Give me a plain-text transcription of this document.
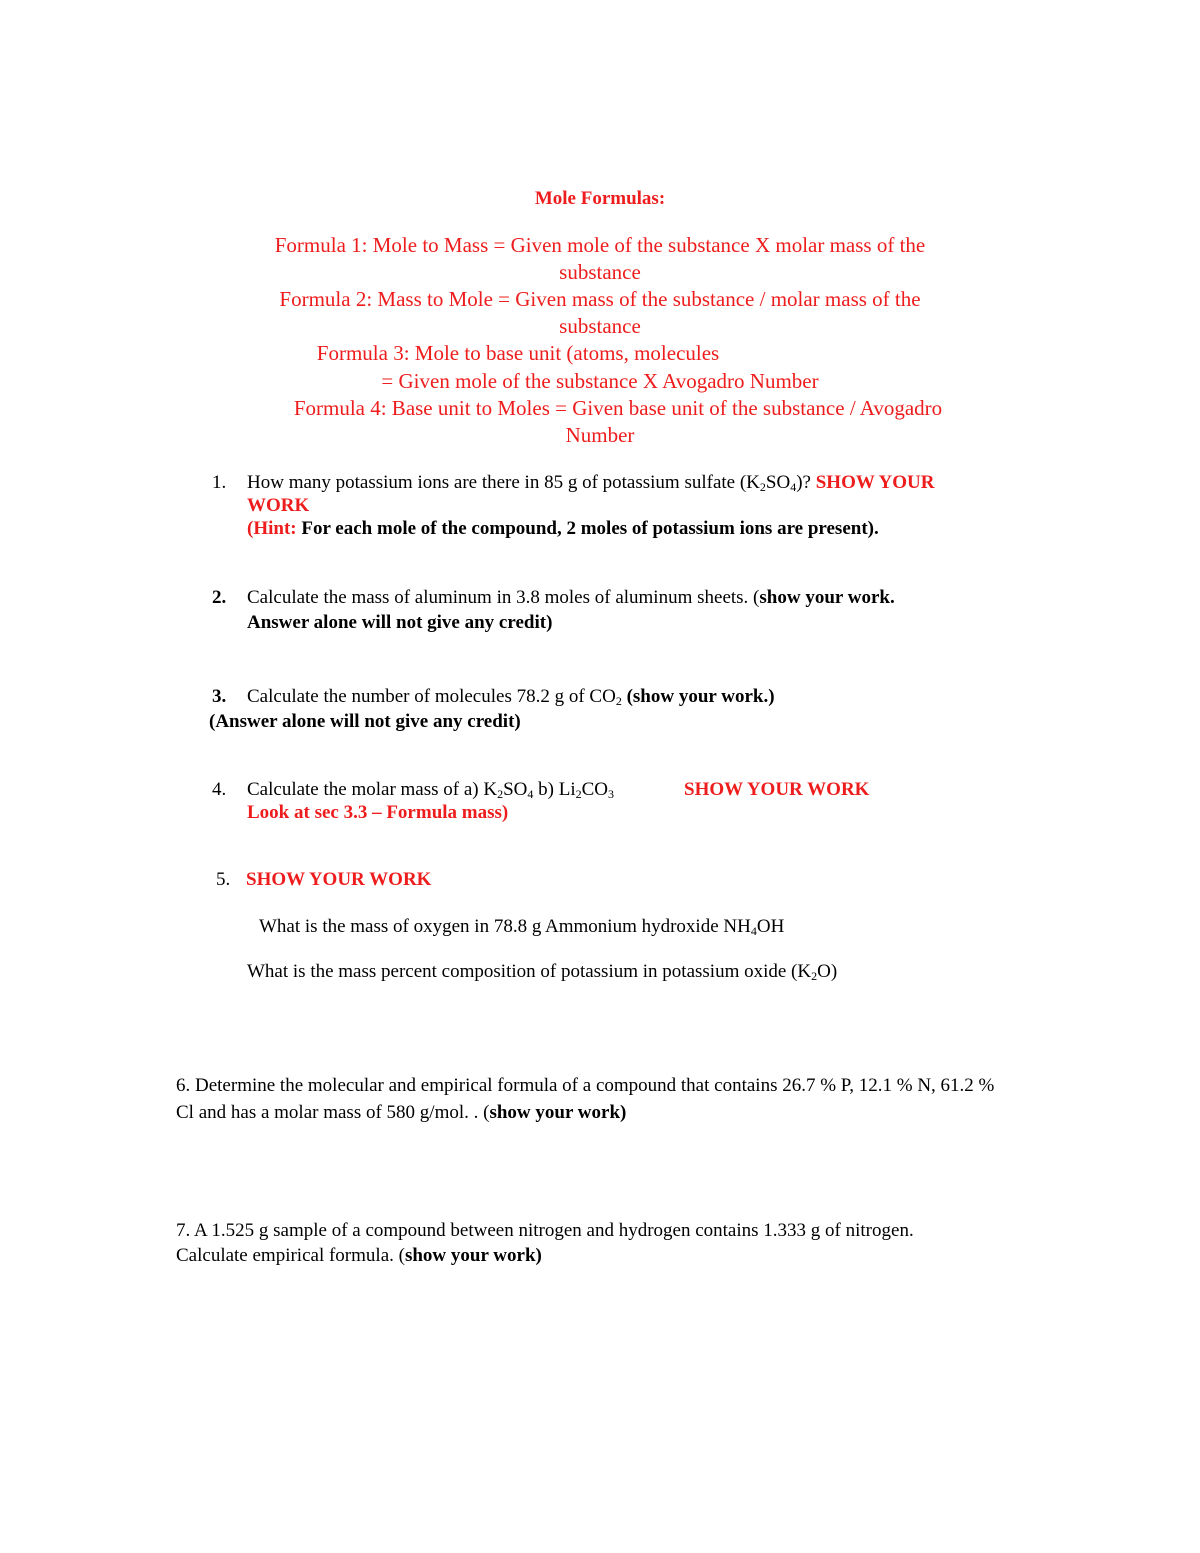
Mole Formulas:
Formula 1: Mole to Mass = Given mole of the substance X molar mass of the
substance
Formula 2: Mass to Mole = Given mass of the substance / molar mass of the
substance
Formula 3: Mole to base unit (atoms, molecules
= Given mole of the substance X Avogadro Number
Formula 4: Base unit to Moles = Given base unit of the substance / Avogadro
Number
1. How many potassium ions are there in 85 g of potassium sulfate $(K_2SO_4)$? SHOW YOUR
WORK
(Hint: For each mole of the compound, 2 moles of potassium ions are present).
2. Calculate the mass of aluminum in 3.8 moles of aluminum sheets. (show your work.
Answer alone will not give any credit)
3. Calculate the number of molecules 78.2 g of $CO_2$ (show your work.)
(Answer alone will not give any credit)
4. Calculate the molar mass of a) $K_2SO_4$ b) $Li_2CO_3$	SHOW YOUR WORK
Look at sec 3.3 – Formula mass)
5. SHOW YOUR WORK
What is the mass of oxygen in 78.8 g Ammonium hydroxide $NH_4OH$
What is the mass percent composition of potassium in potassium oxide $(K_2O)$
6. Determine the molecular and empirical formula of a compound that contains 26.7 % P, 12.1 % N, 61.2 %
Cl and has a molar mass of 580 g/mol. . (show your work)
7. A 1.525 g sample of a compound between nitrogen and hydrogen contains 1.333 g of nitrogen.
Calculate empirical formula. (show your work)
